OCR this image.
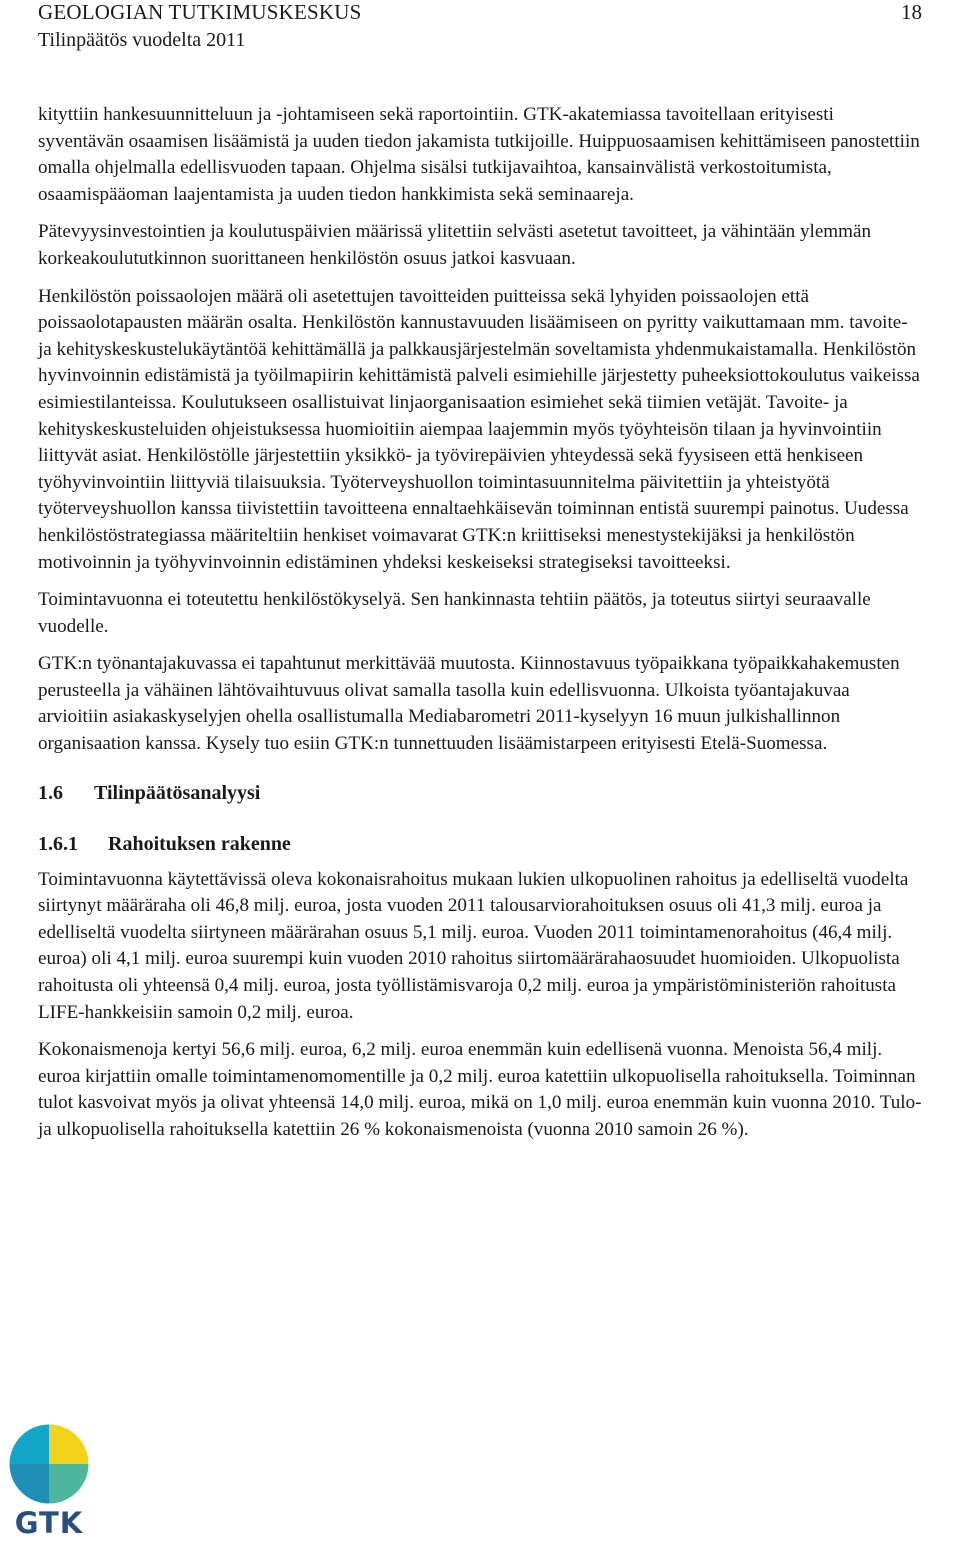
GEOLOGIAN TUTKIMUSKESKUS
Tilinpäätös vuodelta 2011
18

kityttiin hankesuunnitteluun ja -johtamiseen sekä raportointiin. GTK-akatemiassa tavoitellaan erityisesti syventävän osaamisen lisäämistä ja uuden tiedon jakamista tutkijoille. Huippuosaamisen kehittämiseen panostettiin omalla ohjelmalla edellisvuoden tapaan. Ohjelma sisälsi tutkijavaihtoa, kansainvälistä verkostoitumista, osaamispääoman laajentamista ja uuden tiedon hankkimista sekä seminaareja.

Pätevyysinvestointien ja koulutuspäivien määrissä ylitettiin selvästi asetetut tavoitteet, ja vähintään ylemmän korkeakoulututkinnon suorittaneen henkilöstön osuus jatkoi kasvuaan.

Henkilöstön poissaolojen määrä oli asetettujen tavoitteiden puitteissa sekä lyhyiden poissaolojen että poissaolotapausten määrän osalta. Henkilöstön kannustavuuden lisäämiseen on pyritty vaikuttamaan mm. tavoite- ja kehityskeskustelukäytäntöä kehittämällä ja palkkausjärjestelmän soveltamista yhdenmukaistamalla. Henkilöstön hyvinvoinnin edistämistä ja työilmapiirin kehittämistä palveli esimiehille järjestetty puheeksiottokoulutus vaikeissa esimiestilanteissa. Koulutukseen osallistuivat linjaorganisaation esimiehet sekä tiimien vetäjät. Tavoite- ja kehityskeskusteluiden ohjeistuksessa huomioitiin aiempaa laajemmin myös työyhteisön tilaan ja hyvinvointiin liittyvät asiat. Henkilöstölle järjestettiin yksikkö- ja työvirepäivien yhteydessä sekä fyysiseen että henkiseen työhyvinvointiin liittyviä tilaisuuksia. Työterveyshuollon toimintasuunnitelma päivitettiin ja yhteistyötä työterveyshuollon kanssa tiivistettiin tavoitteena ennaltaehkäisevän toiminnan entistä suurempi painotus. Uudessa henkilöstöstrategiassa määriteltiin henkiset voimavarat GTK:n kriittiseksi menestystekijäksi ja henkilöstön motivoinnin ja työhyvinvoinnin edistäminen yhdeksi keskeiseksi strategiseksi tavoitteeksi.

Toimintavuonna ei toteutettu henkilöstökyselyä. Sen hankinnasta tehtiin päätös, ja toteutus siirtyi seuraavalle vuodelle.

GTK:n työnantajakuvassa ei tapahtunut merkittävää muutosta. Kiinnostavuus työpaikkana työpaikkahakemusten perusteella ja vähäinen lähtövaihtuvuus olivat samalla tasolla kuin edellisvuonna. Ulkoista työantajakuvaa arvioitiin asiakaskyselyjen ohella osallistumalla Mediabarometri 2011-kyselyyn 16 muun julkishallinnon organisaation kanssa. Kysely tuo esiin GTK:n tunnettuuden lisäämistarpeen erityisesti Etelä-Suomessa.

1.6 Tilinpäätösanalyysi
1.6.1 Rahoituksen rakenne

Toimintavuonna käytettävissä oleva kokonaisrahoitus mukaan lukien ulkopuolinen rahoitus ja edelliseltä vuodelta siirtynyt määräraha oli 46,8 milj. euroa, josta vuoden 2011 talousarviorahoituksen osuus oli 41,3 milj. euroa ja edelliseltä vuodelta siirtyneen määrärahan osuus 5,1 milj. euroa. Vuoden 2011 toimintamenorahoitus (46,4 milj. euroa) oli 4,1 milj. euroa suurempi kuin vuoden 2010 rahoitus siirtomäärärahaosuudet huomioiden. Ulkopuolista rahoitusta oli yhteensä 0,4 milj. euroa, josta työllistämisvaroja 0,2 milj. euroa ja ympäristöministeriön rahoitusta LIFE-hankkeisiin samoin 0,2 milj. euroa.

Kokonaismenoja kertyi 56,6 milj. euroa, 6,2 milj. euroa enemmän kuin edellisenä vuonna. Menoista 56,4 milj. euroa kirjattiin omalle toimintamenomomentille ja 0,2 milj. euroa katettiin ulkopuolisella rahoituksella. Toiminnan tulot kasvoivat myös ja olivat yhteensä 14,0 milj. euroa, mikä on 1,0 milj. euroa enemmän kuin vuonna 2010. Tulo- ja ulkopuolisella rahoituksella katettiin 26 % kokonaismenoista (vuonna 2010 samoin 26 %).

GTK
